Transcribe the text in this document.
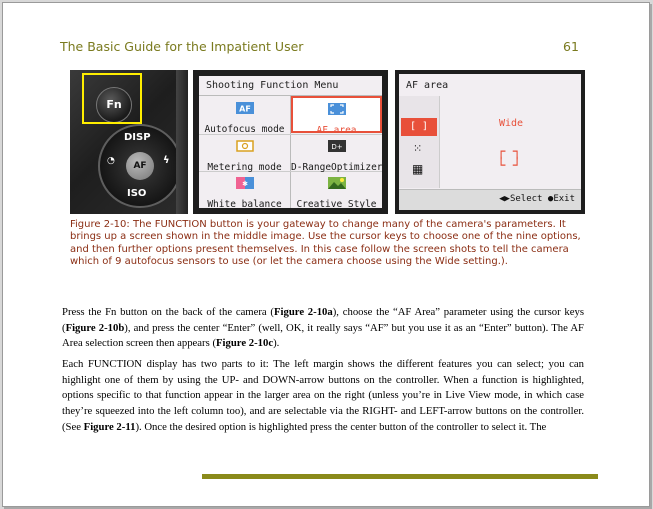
The Basic Guide for the Impatient User	61
Fn
DISP
◔	ϟ
ISO
AF
Shooting Function Menu
AF
Autofocus mode	AF area
Metering mode
D+
D-RangeOptimizer
✱
White balance	Creative Style
AF area
[ ]
⁙
▦
Wide
┌ ┐
└ ┘
◀▶Select ●Exit
Figure 2-10: The FUNCTION button is your gateway to change many of the camera's parameters. It brings up a screen shown in the middle image. Use the cursor keys to choose one of the nine options, and then further options present themselves. In this case follow the screen shots to tell the camera which of 9 autofocus sensors to use (or let the camera choose using the Wide setting.).
Press the Fn button on the back of the camera (Figure 2-10a), choose the “AF Area” parameter using the cursor keys (Figure 2-10b), and press the center “Enter” (well, OK, it really says “AF” but you use it as an “Enter” button). The AF Area selection screen then appears (Figure 2-10c).
Each FUNCTION display has two parts to it: The left margin shows the different features you can select; you can highlight one of them by using the UP- and DOWN-arrow buttons on the controller. When a function is highlighted, options specific to that function appear in the larger area on the right (unless you’re in Live View mode, in which case they’re squeezed into the left column too), and are selectable via the RIGHT- and LEFT-arrow buttons on the controller. (See Figure 2-11). Once the desired option is highlighted press the center button of the controller to select it. The
